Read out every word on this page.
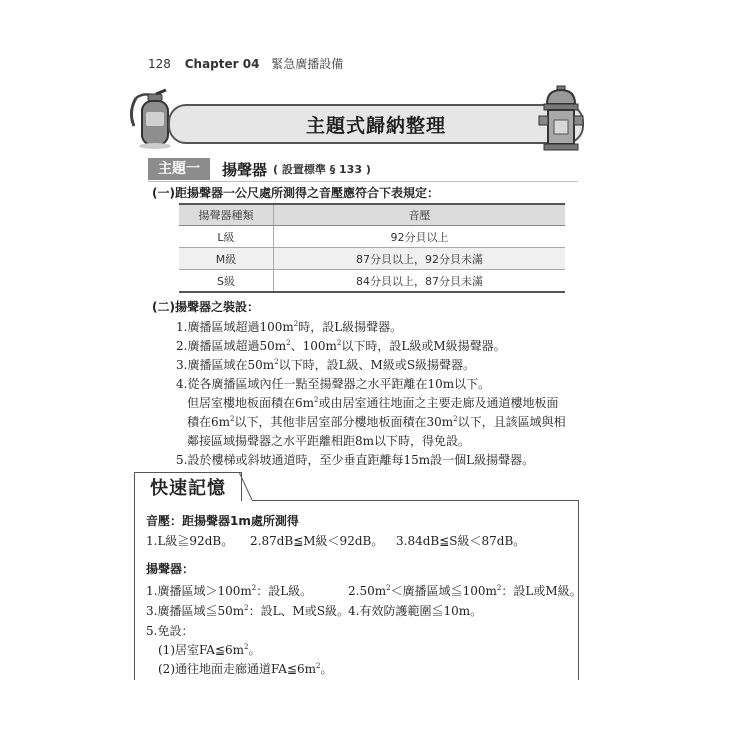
128 Chapter 04 緊急廣播設備
主題式歸納整理
主題一	揚聲器 ( 設置標準 § 133 )
(一)距揚聲器一公尺處所測得之音壓應符合下表規定：
揚聲器種類	音壓
L級	92分貝以上
M級	87分貝以上，92分貝未滿
S級	84分貝以上，87分貝未滿
(二)揚聲器之裝設：
1.廣播區域超過$100m^2$時，設L級揚聲器。
2.廣播區域超過$50m^2$、$100m^2$以下時，設L級或M級揚聲器。
3.廣播區域在$50m^2$以下時，設L級、M級或S級揚聲器。
4.從各廣播區域內任一點至揚聲器之水平距離在10m以下。
但居室樓地板面積在$6m^2$或由居室通往地面之主要走廊及通道樓地板面
積在$6m^2$以下，其他非居室部分樓地板面積在$30m^2$以下，且該區域與相
鄰接區域揚聲器之水平距離相距8m以下時，得免設。
5.設於樓梯或斜坡通道時，至少垂直距離每15m設一個L級揚聲器。
快速記憶
音壓：距揚聲器1m處所測得
1.L級≧92dB。 2.87dB≦M級＜92dB。 3.84dB≦S級＜87dB。
揚聲器：
1.廣播區域$>100m^2$：設L級。	$2.50m^2<$廣播區域$≦100m^2$：設L或M級。
3.廣播區域$≦50m^2$：設L、M或S級。
4.有效防護範圍≦10m。
5.免設：
(1)居室$FA≦6m^2$。
(2)通往地面走廊通道$FA≦6m^2$。
